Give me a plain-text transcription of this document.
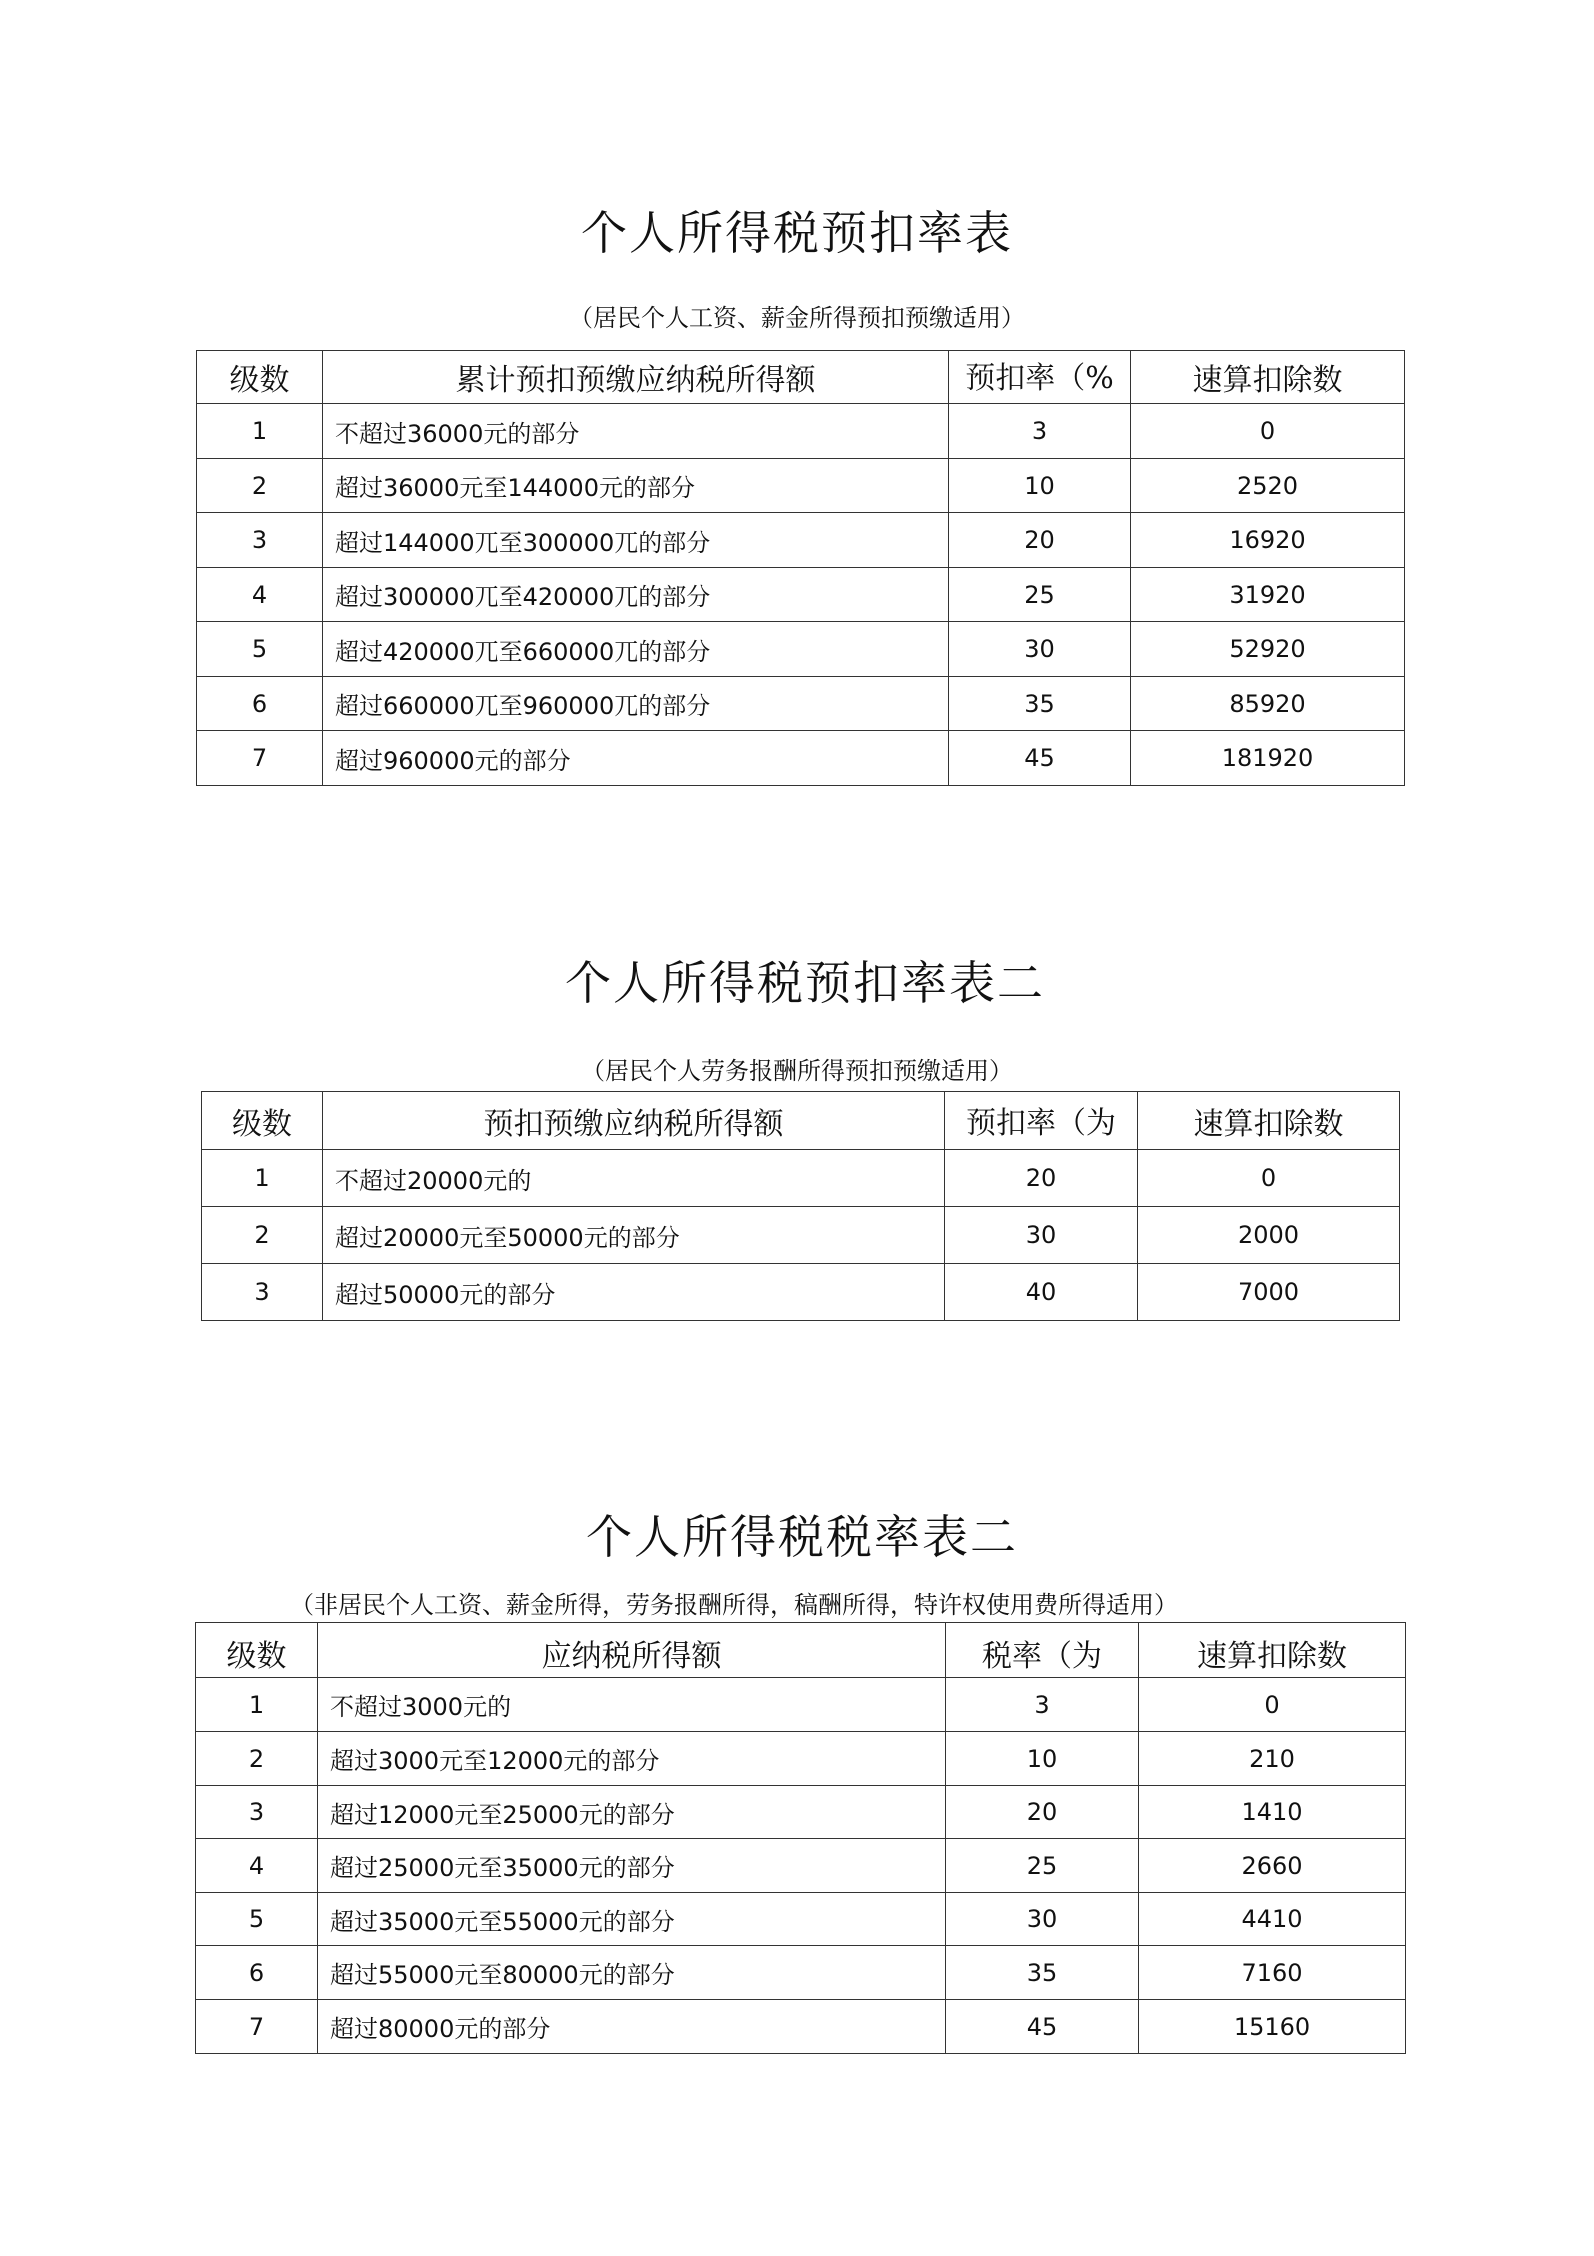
个人所得税预扣率表
（居民个人工资、薪金所得预扣预缴适用）
级数	累计预扣预缴应纳税所得额	预扣率（%	速算扣除数
1	不超过36000元的部分	3	0
2	超过36000元至144000元的部分	10	2520
3	超过144000兀至300000兀的部分	20	16920
4	超过300000兀至420000兀的部分	25	31920
5	超过420000兀至660000兀的部分	30	52920
6	超过660000兀至960000兀的部分	35	85920
7	超过960000元的部分	45	181920
个人所得税预扣率表二
（居民个人劳务报酬所得预扣预缴适用）
级数	预扣预缴应纳税所得额	预扣率（为	速算扣除数
1	不超过20000元的	20	0
2	超过20000元至50000元的部分	30	2000
3	超过50000元的部分	40	7000
个人所得税税率表二
（非居民个人工资、薪金所得，劳务报酬所得，稿酬所得，特许权使用费所得适用）
级数	应纳税所得额	税率（为	速算扣除数
1	不超过3000元的	3	0
2	超过3000元至12000元的部分	10	210
3	超过12000元至25000元的部分	20	1410
4	超过25000元至35000元的部分	25	2660
5	超过35000元至55000元的部分	30	4410
6	超过55000元至80000元的部分	35	7160
7	超过80000元的部分	45	15160
